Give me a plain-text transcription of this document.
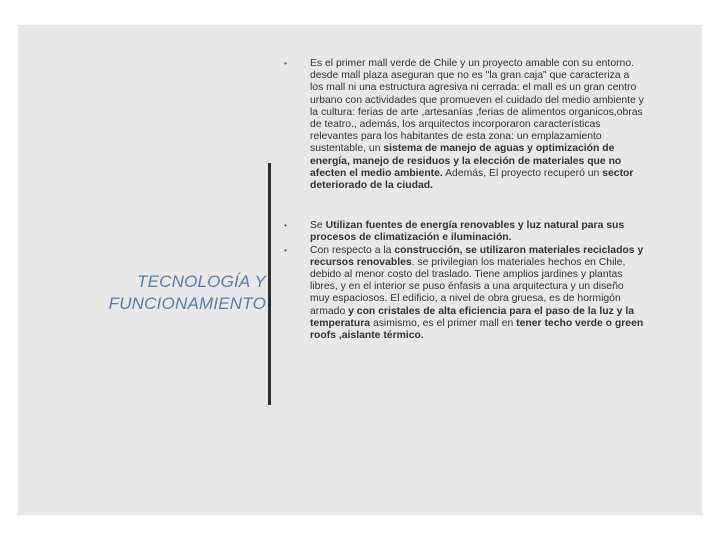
TECNOLOGÍA Y
FUNCIONAMIENTO
• Es el primer mall verde de Chile y un proyecto amable con su entorno. desde mall plaza aseguran que no es "la gran caja" que caracteriza a los mall ni una estructura agresiva ni cerrada: el mall es un gran centro urbano con actividades que promueven el cuidado del medio ambiente y la cultura: ferias de arte ,artesanías ,ferias de alimentos organicos,obras de teatro., además, los arquitectos incorporaron características relevantes para los habitantes de esta zona: un emplazamiento sustentable, un sistema de manejo de aguas y optimización de energía, manejo de residuos y la elección de materiales que no afecten el medio ambiente. Además, El proyecto recuperó un sector deteriorado de la ciudad.
• Se Utilizan fuentes de energía renovables y luz natural para sus procesos de climatización e iluminación.
• Con respecto a la construcción, se utilizaron materiales reciclados y recursos renovables. se privilegian los materiales hechos en Chile, debido al menor costo del traslado. Tiene amplios jardines y plantas libres, y en el interior se puso énfasis a una arquitectura y un diseño muy espaciosos. El edificio, a nivel de obra gruesa, es de hormigón armado y con cristales de alta eficiencia para el paso de la luz y la temperatura asimismo, es el primer mall en tener techo verde o green roofs ,aislante térmico.
